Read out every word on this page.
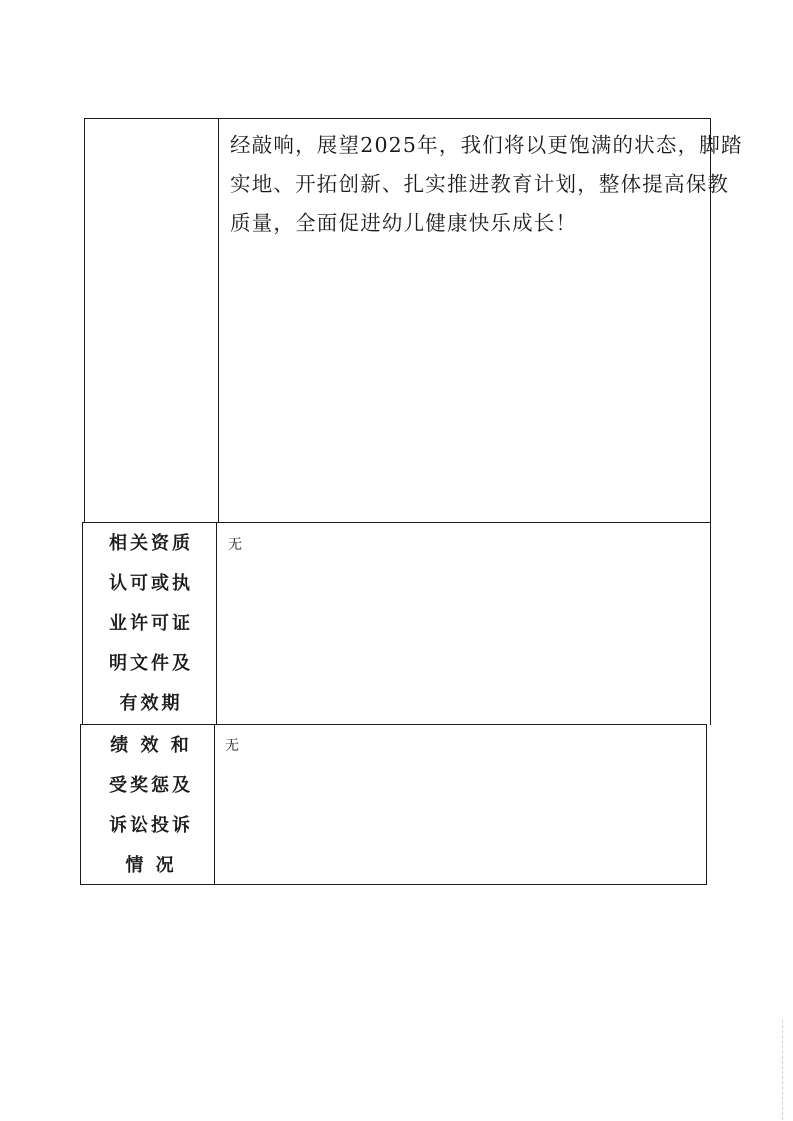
经敲响，展望2025年，我们将以更饱满的状态，脚踏
实地、开拓创新、扎实推进教育计划，整体提高保教
质量，全面促进幼儿健康快乐成长！
相关资质
认可或执
业许可证
明文件及
有效期
无
绩 效 和
受奖惩及
诉讼投诉
情 况
无
